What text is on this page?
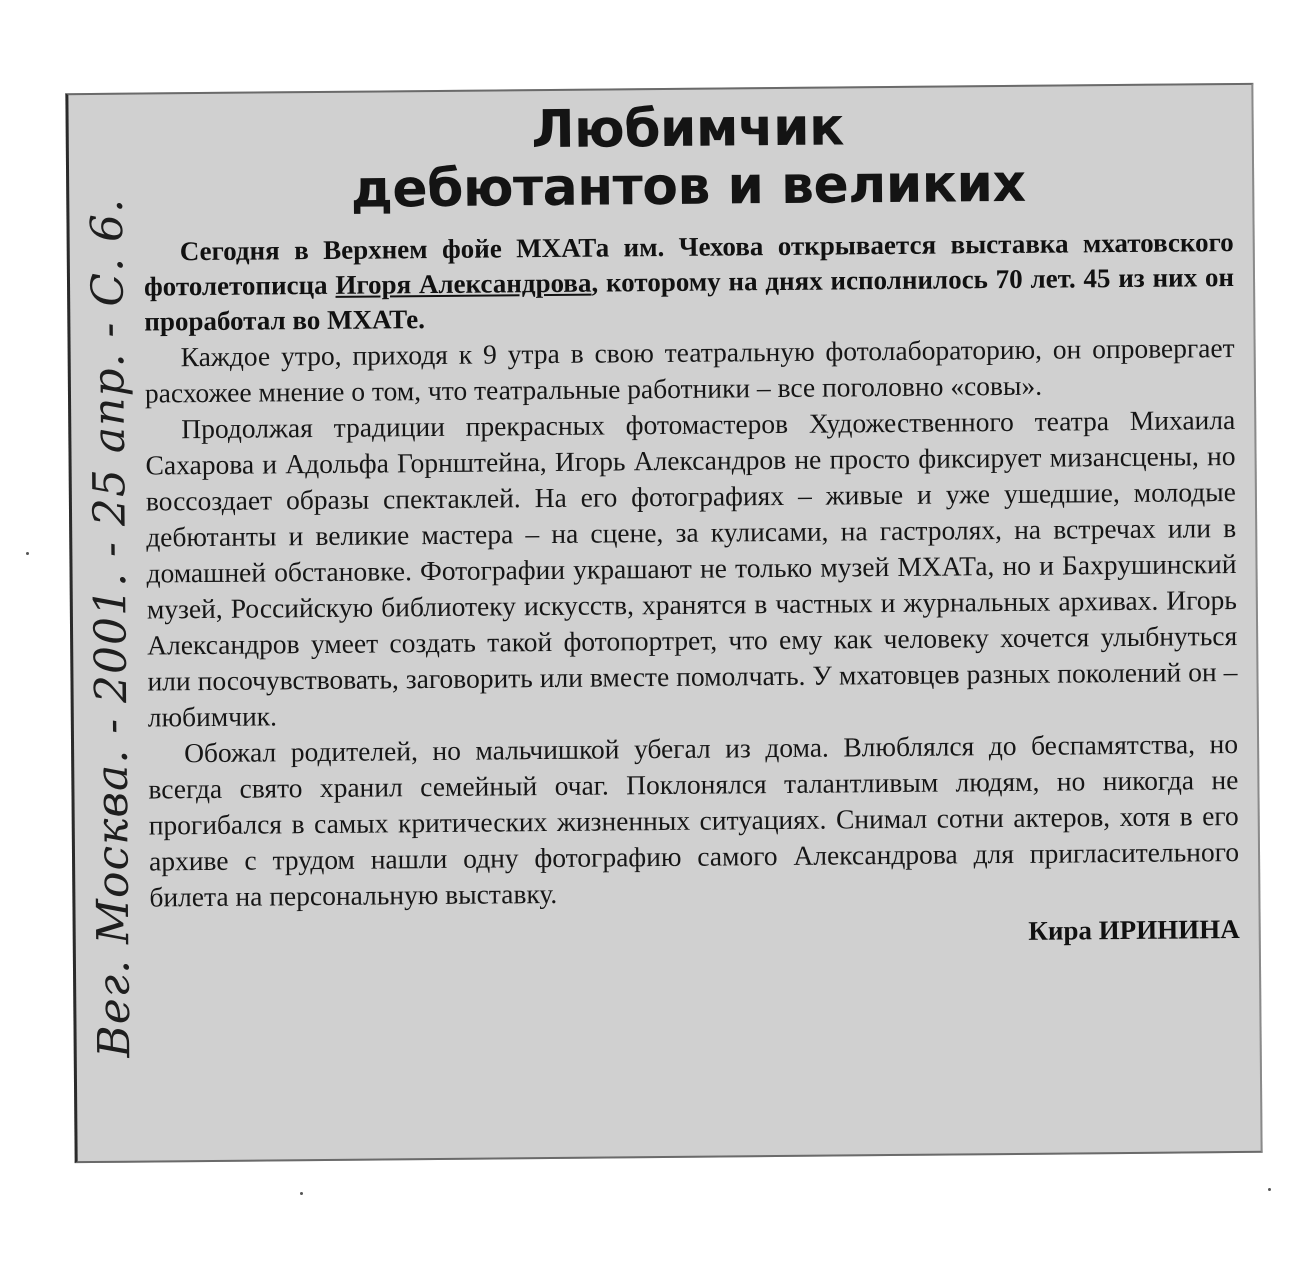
Вег. Москва. - 2001. - 25 апр. - С. 6.
Любимчик
дебютантов и великих

Сегодня в Верхнем фойе МХАТа им. Чехова открывается выставка мхатовского фотолетописца Игоря Александрова, которому на днях исполнилось 70 лет. 45 из них он проработал во МХАТе.

Каждое утро, приходя к 9 утра в свою театральную фотолабораторию, он опровергает расхожее мнение о том, что театральные работники – все поголовно «совы».

Продолжая традиции прекрасных фотомастеров Художественного театра Михаила Сахарова и Адольфа Горнштейна, Игорь Александров не просто фиксирует мизансцены, но воссоздает образы спектаклей. На его фотографиях – живые и уже ушедшие, молодые дебютанты и великие мастера – на сцене, за кулисами, на гастролях, на встречах или в домашней обстановке. Фотографии украшают не только музей МХАТа, но и Бахрушинский музей, Российскую библиотеку искусств, хранятся в частных и журнальных архивах. Игорь Александров умеет создать такой фотопортрет, что ему как человеку хочется улыбнуться или посочувствовать, заговорить или вместе помолчать. У мхатовцев разных поколений он – любимчик.

Обожал родителей, но мальчишкой убегал из дома. Влюблялся до беспамятства, но всегда свято хранил семейный очаг. Поклонялся талантливым людям, но никогда не прогибался в самых критических жизненных ситуациях. Снимал сотни актеров, хотя в его архиве с трудом нашли одну фотографию самого Александрова для пригласительного билета на персональную выставку.

Кира ИРИНИНА
